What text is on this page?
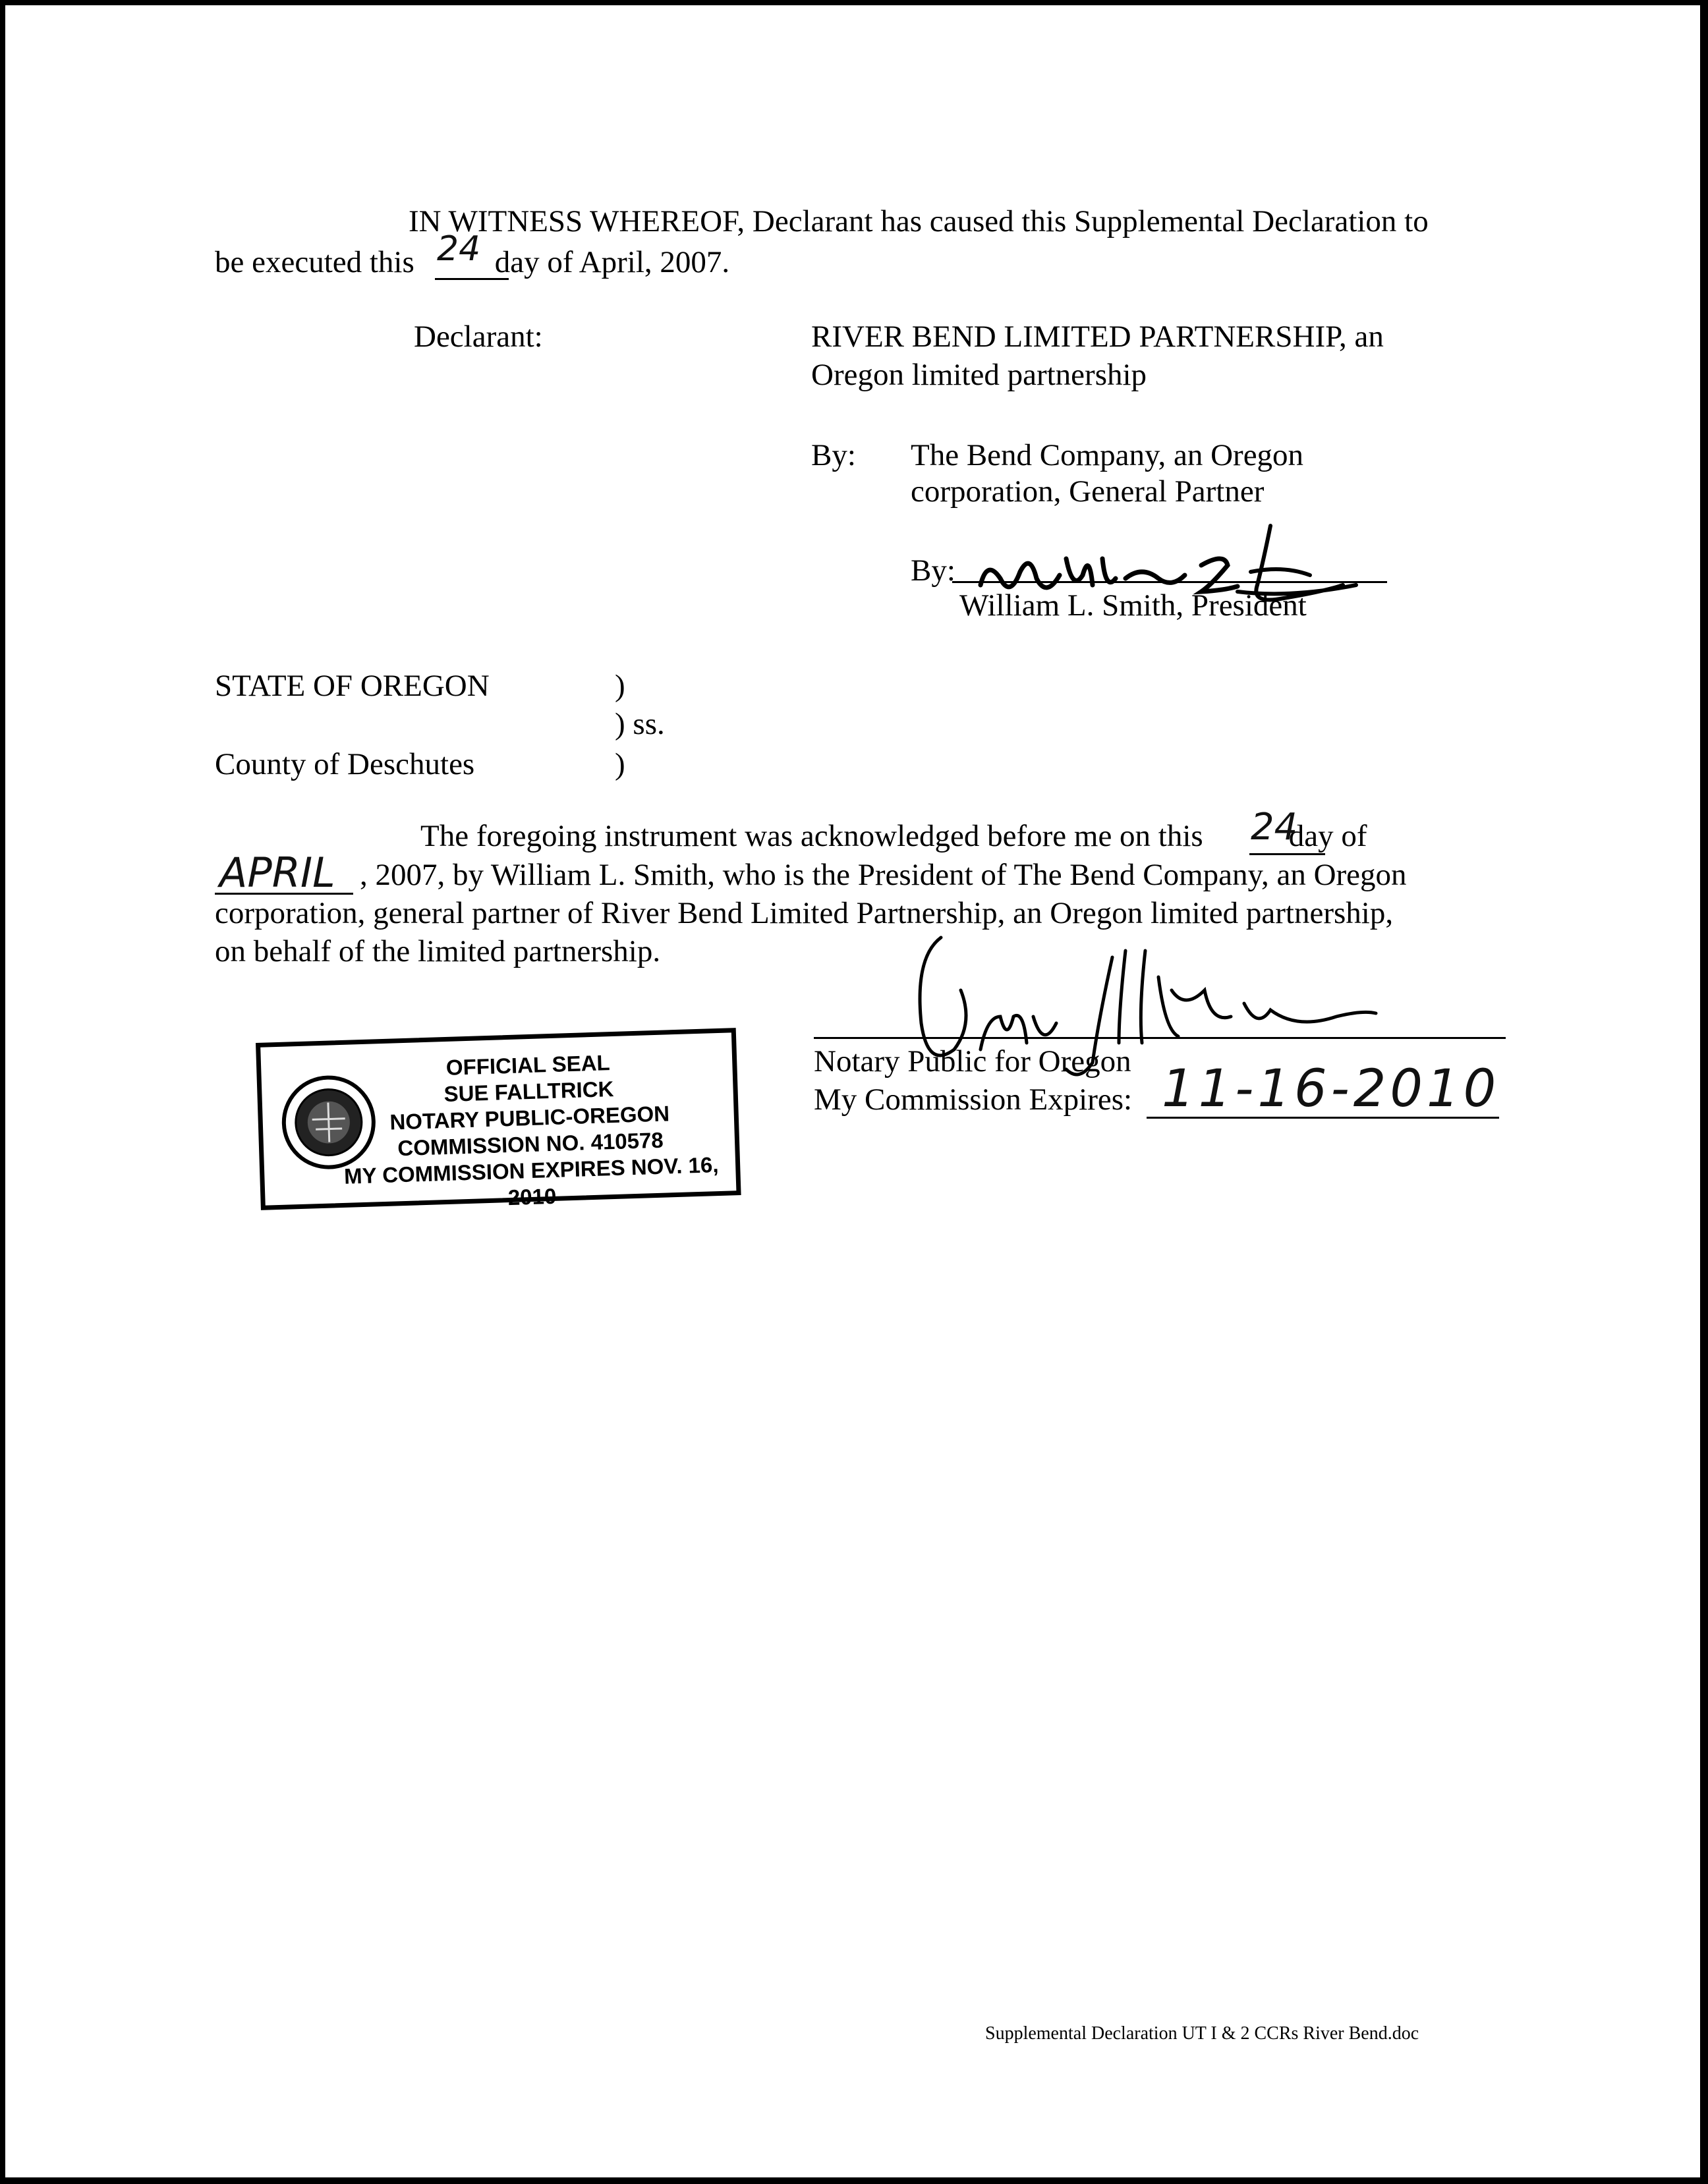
IN WITNESS WHEREOF, Declarant has caused this Supplemental Declaration to
be executed this	day of April, 2007.
24
Declarant:	RIVER BEND LIMITED PARTNERSHIP, an
Oregon limited partnership
By: The Bend Company, an Oregon
corporation, General Partner
By:
William L. Smith, President
STATE OF OREGON	)
) ss.
County of Deschutes	)
The foregoing instrument was acknowledged before me on this	day of
24
APRIL , 2007, by William L. Smith, who is the President of The Bend Company, an Oregon
corporation, general partner of River Bend Limited Partnership, an Oregon limited partnership,
on behalf of the limited partnership.
Notary Public for Oregon
My Commission Expires: 11-16-2010
OFFICIAL SEAL
SUE FALLTRICK
NOTARY PUBLIC-OREGON
COMMISSION NO. 410578
MY COMMISSION EXPIRES NOV. 16, 2010
Supplemental Declaration UT I & 2 CCRs River Bend.doc
